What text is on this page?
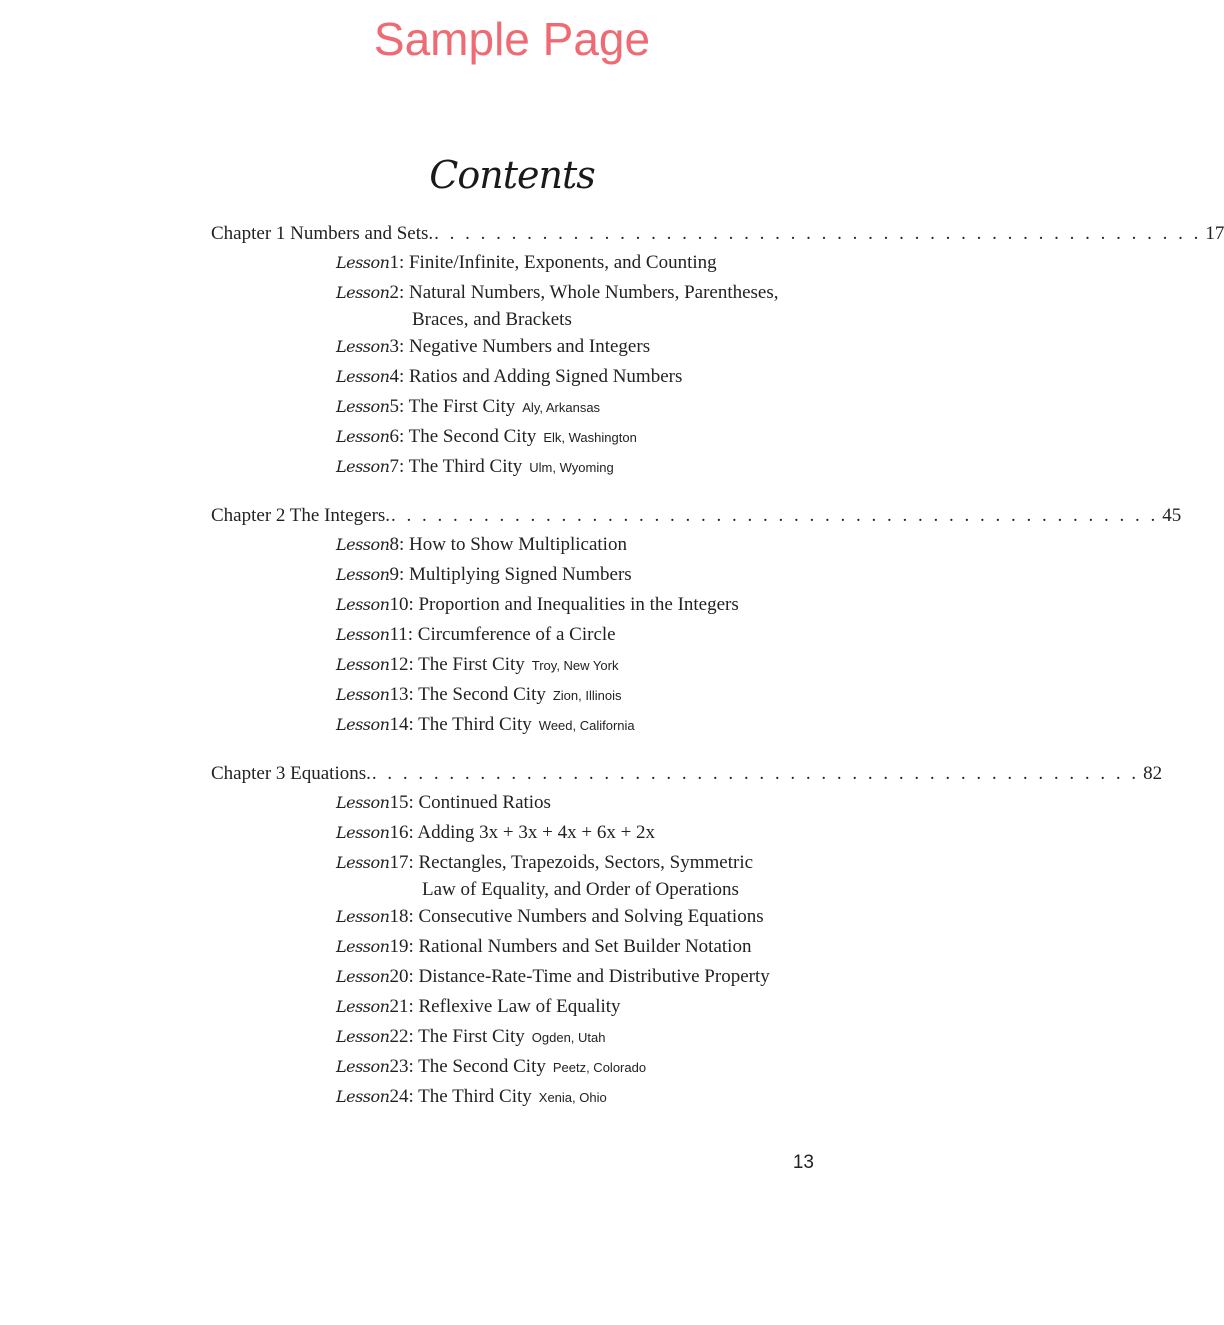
Sample Page
Contents
Chapter 1 Numbers and Sets. . . . . . . . . . . . . . . . . . . . . . . . . . . . . . . . . . . . . . . . . . . . . . . . . . . 17
Lesson1: Finite/Infinite, Exponents, and Counting
Lesson2: Natural Numbers, Whole Numbers, Parentheses,
Braces, and Brackets
Lesson3: Negative Numbers and Integers
Lesson4: Ratios and Adding Signed Numbers
Lesson5: The First City Aly, Arkansas
Lesson6: The Second City Elk, Washington
Lesson7: The Third City Ulm, Wyoming
Chapter 2 The Integers. . . . . . . . . . . . . . . . . . . . . . . . . . . . . . . . . . . . . . . . . . . . . . . . . . . 45
Lesson8: How to Show Multiplication
Lesson9: Multiplying Signed Numbers
Lesson10: Proportion and Inequalities in the Integers
Lesson11: Circumference of a Circle
Lesson12: The First City Troy, New York
Lesson13: The Second City Zion, Illinois
Lesson14: The Third City Weed, California
Chapter 3 Equations. . . . . . . . . . . . . . . . . . . . . . . . . . . . . . . . . . . . . . . . . . . . . . . . . . . 82
Lesson15: Continued Ratios
Lesson16: Adding 3x + 3x + 4x + 6x + 2x
Lesson17: Rectangles, Trapezoids, Sectors, Symmetric
Law of Equality, and Order of Operations
Lesson18: Consecutive Numbers and Solving Equations
Lesson19: Rational Numbers and Set Builder Notation
Lesson20: Distance-Rate-Time and Distributive Property
Lesson21: Reflexive Law of Equality
Lesson22: The First City Ogden, Utah
Lesson23: The Second City Peetz, Colorado
Lesson24: The Third City Xenia, Ohio
13
